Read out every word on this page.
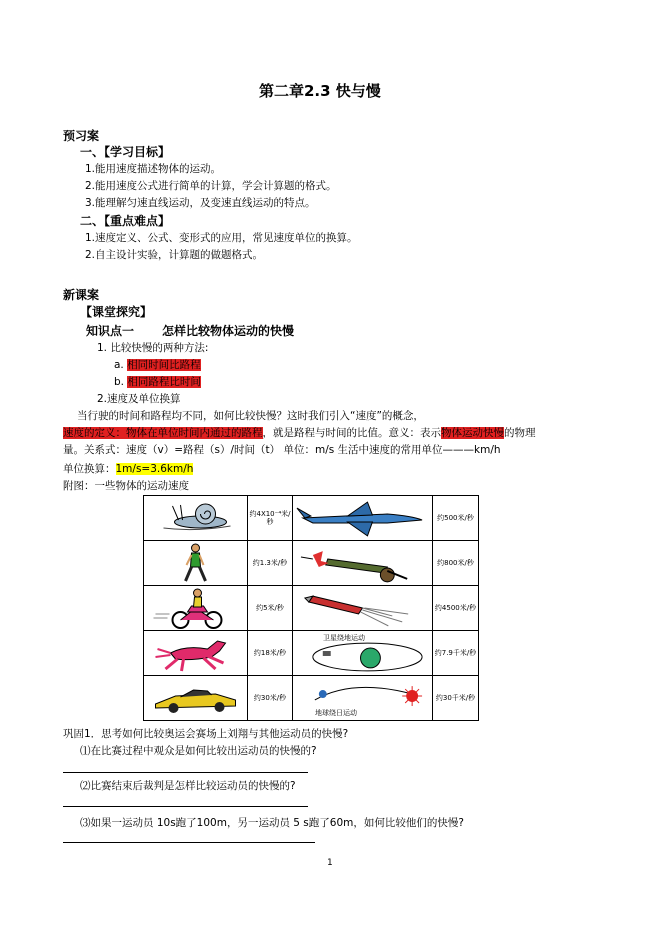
第二章2.3 快与慢
预习案
一、【学习目标】
1.能用速度描述物体的运动。
2.能用速度公式进行简单的计算，学会计算题的格式。
3.能理解匀速直线运动，及变速直线运动的特点。
二、【重点难点】
1.速度定义、公式、变形式的应用，常见速度单位的换算。
2.自主设计实验，计算题的做题格式。
新课案
【课堂探究】
知识点一 怎样比较物体运动的快慢
1. 比较快慢的两种方法:
a. 相同时间比路程
b. 相同路程比时间
2.速度及单位换算
当行驶的时间和路程均不同，如何比较快慢？这时我们引入“速度”的概念，
速度的定义：物体在单位时间内通过的路程，就是路程与时间的比值。意义：表示物体运动快慢的物理
量。关系式：速度（v）=路程（s）/时间（t） 单位：m/s 生活中速度的常用单位———km/h
单位换算：1m/s=3.6km/h
附图：一些物体的运动速度
	约4X10⁻⁴米/秒		约500米/秒

	约1.3米/秒		约800米/秒

	约5米/秒		约4500米/秒

	约18米/秒	卫星绕地运动	约7.9千米/秒

	约30米/秒	地球绕日运动	约30千米/秒
巩固1．思考如何比较奥运会赛场上刘翔与其他运动员的快慢?
⑴在比赛过程中观众是如何比较出运动员的快慢的?
⑵比赛结束后裁判是怎样比较运动员的快慢的?
⑶如果一运动员 10s跑了100m，另一运动员 5 s跑了60m，如何比较他们的快慢?
1
